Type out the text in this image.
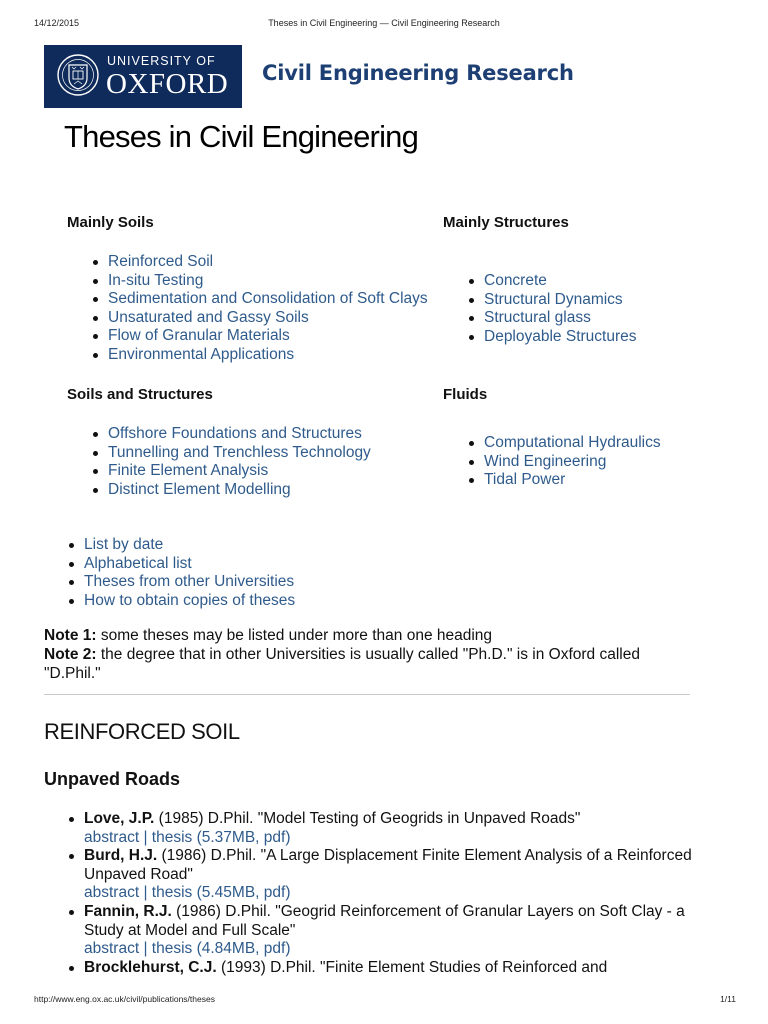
14/12/2015	Theses in Civil Engineering — Civil Engineering Research
UNIVERSITY OF
OXFORD Civil Engineering Research
Theses in Civil Engineering
Mainly Soils
Reinforced Soil
In-situ Testing
Sedimentation and Consolidation of Soft Clays
Unsaturated and Gassy Soils
Flow of Granular Materials
Environmental Applications
Mainly Structures
Concrete
Structural Dynamics
Structural glass
Deployable Structures
Soils and Structures
Offshore Foundations and Structures
Tunnelling and Trenchless Technology
Finite Element Analysis
Distinct Element Modelling
Fluids
Computational Hydraulics
Wind Engineering
Tidal Power
List by date
Alphabetical list
Theses from other Universities
How to obtain copies of theses

Note 1: some theses may be listed under more than one heading

Note 2: the degree that in other Universities is usually called "Ph.D." is in Oxford called "D.Phil."

REINFORCED SOIL
Unpaved Roads
Love, J.P. (1985) D.Phil. "Model Testing of Geogrids in Unpaved Roads"
abstract | thesis (5.37MB, pdf)
Burd, H.J. (1986) D.Phil. "A Large Displacement Finite Element Analysis of a Reinforced Unpaved Road"
abstract | thesis (5.45MB, pdf)
Fannin, R.J. (1986) D.Phil. "Geogrid Reinforcement of Granular Layers on Soft Clay - a Study at Model and Full Scale"
abstract | thesis (4.84MB, pdf)
Brocklehurst, C.J. (1993) D.Phil. "Finite Element Studies of Reinforced and
http://www.eng.ox.ac.uk/civil/publications/theses	1/11
